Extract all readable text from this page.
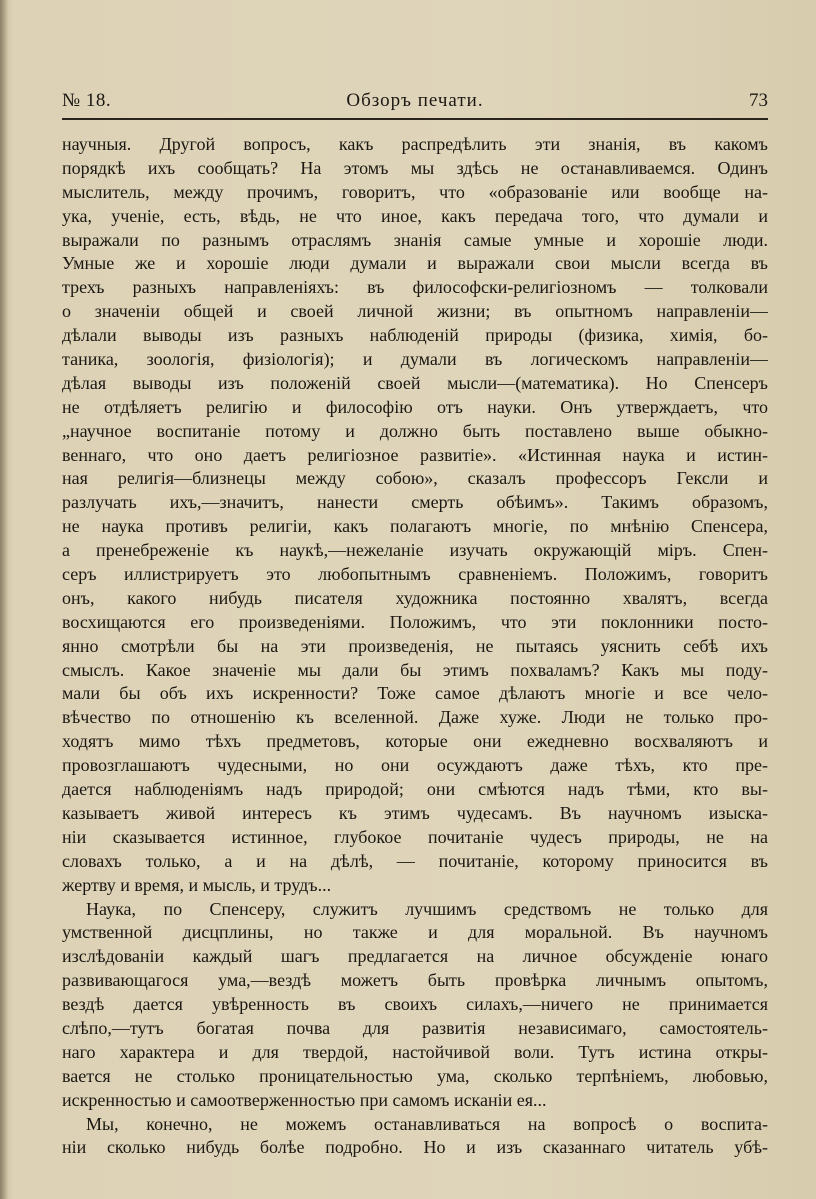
№ 18.	Обзоръ печати.	73
научныя. Другой вопросъ, какъ распредѣлить эти знанія, въ какомъ
порядкѣ ихъ сообщать? На этомъ мы здѣсь не останавливаемся. Одинъ
мыслитель, между прочимъ, говоритъ, что «образованіе или вообще на-
ука, ученіе, есть, вѣдь, не что иное, какъ передача того, что думали и
выражали по разнымъ отраслямъ знанія самые умные и хорошіе люди.
Умные же и хорошіе люди думали и выражали свои мысли всегда въ
трехъ разныхъ направленіяхъ: въ философски-религіозномъ — толковали
о значеніи общей и своей личной жизни; въ опытномъ направленіи—
дѣлали выводы изъ разныхъ наблюденій природы (физика, химія, бо-
таника, зоологія, физіологія); и думали въ логическомъ направленіи—
дѣлая выводы изъ положеній своей мысли—(математика). Но Спенсеръ
не отдѣляетъ религію и философію отъ науки. Онъ утверждаетъ, что
„научное воспитаніе потому и должно быть поставлено выше обыкно-
веннаго, что оно даетъ религіозное развитіе». «Истинная наука и истин-
ная религія—близнецы между собою», сказалъ профессоръ Гексли и
разлучать ихъ,—значитъ, нанести смерть обѣимъ». Такимъ образомъ,
не наука противъ религіи, какъ полагаютъ многіе, по мнѣнію Спенсера,
а пренебреженіе къ наукѣ,—нежеланіе изучать окружающій міръ. Спен-
серъ иллистрируетъ это любопытнымъ сравненіемъ. Положимъ, говоритъ
онъ, какого нибудь писателя художника постоянно хвалятъ, всегда
восхищаются его произведеніями. Положимъ, что эти поклонники посто-
янно смотрѣли бы на эти произведенія, не пытаясь уяснить себѣ ихъ
смыслъ. Какое значеніе мы дали бы этимъ похваламъ? Какъ мы поду-
мали бы объ ихъ искренности? Тоже самое дѣлаютъ многіе и все чело-
вѣчество по отношенію къ вселенной. Даже хуже. Люди не только про-
ходятъ мимо тѣхъ предметовъ, которые они ежедневно восхваляютъ и
провозглашаютъ чудесными, но они осуждаютъ даже тѣхъ, кто пре-
дается наблюденіямъ надъ природой; они смѣются надъ тѣми, кто вы-
казываетъ живой интересъ къ этимъ чудесамъ. Въ научномъ изыска-
ніи сказывается истинное, глубокое почитаніе чудесъ природы, не на
словахъ только, а и на дѣлѣ, — почитаніе, которому приносится въ
жертву и время, и мысль, и трудъ...
Наука, по Спенсеру, служитъ лучшимъ средствомъ не только для
умственной дисцплины, но также и для моральной. Въ научномъ
изслѣдованіи каждый шагъ предлагается на личное обсужденіе юнаго
развивающагося ума,—вездѣ можетъ быть провѣрка личнымъ опытомъ,
вездѣ дается увѣренность въ своихъ силахъ,—ничего не принимается
слѣпо,—тутъ богатая почва для развитія независимаго, самостоятель-
наго характера и для твердой, настойчивой воли. Тутъ истина откры-
вается не столько проницательностью ума, сколько терпѣніемъ, любовью,
искренностью и самоотверженностью при самомъ исканіи ея...
Мы, конечно, не можемъ останавливаться на вопросѣ о воспита-
ніи сколько нибудь болѣе подробно. Но и изъ сказаннаго читатель убѣ-
